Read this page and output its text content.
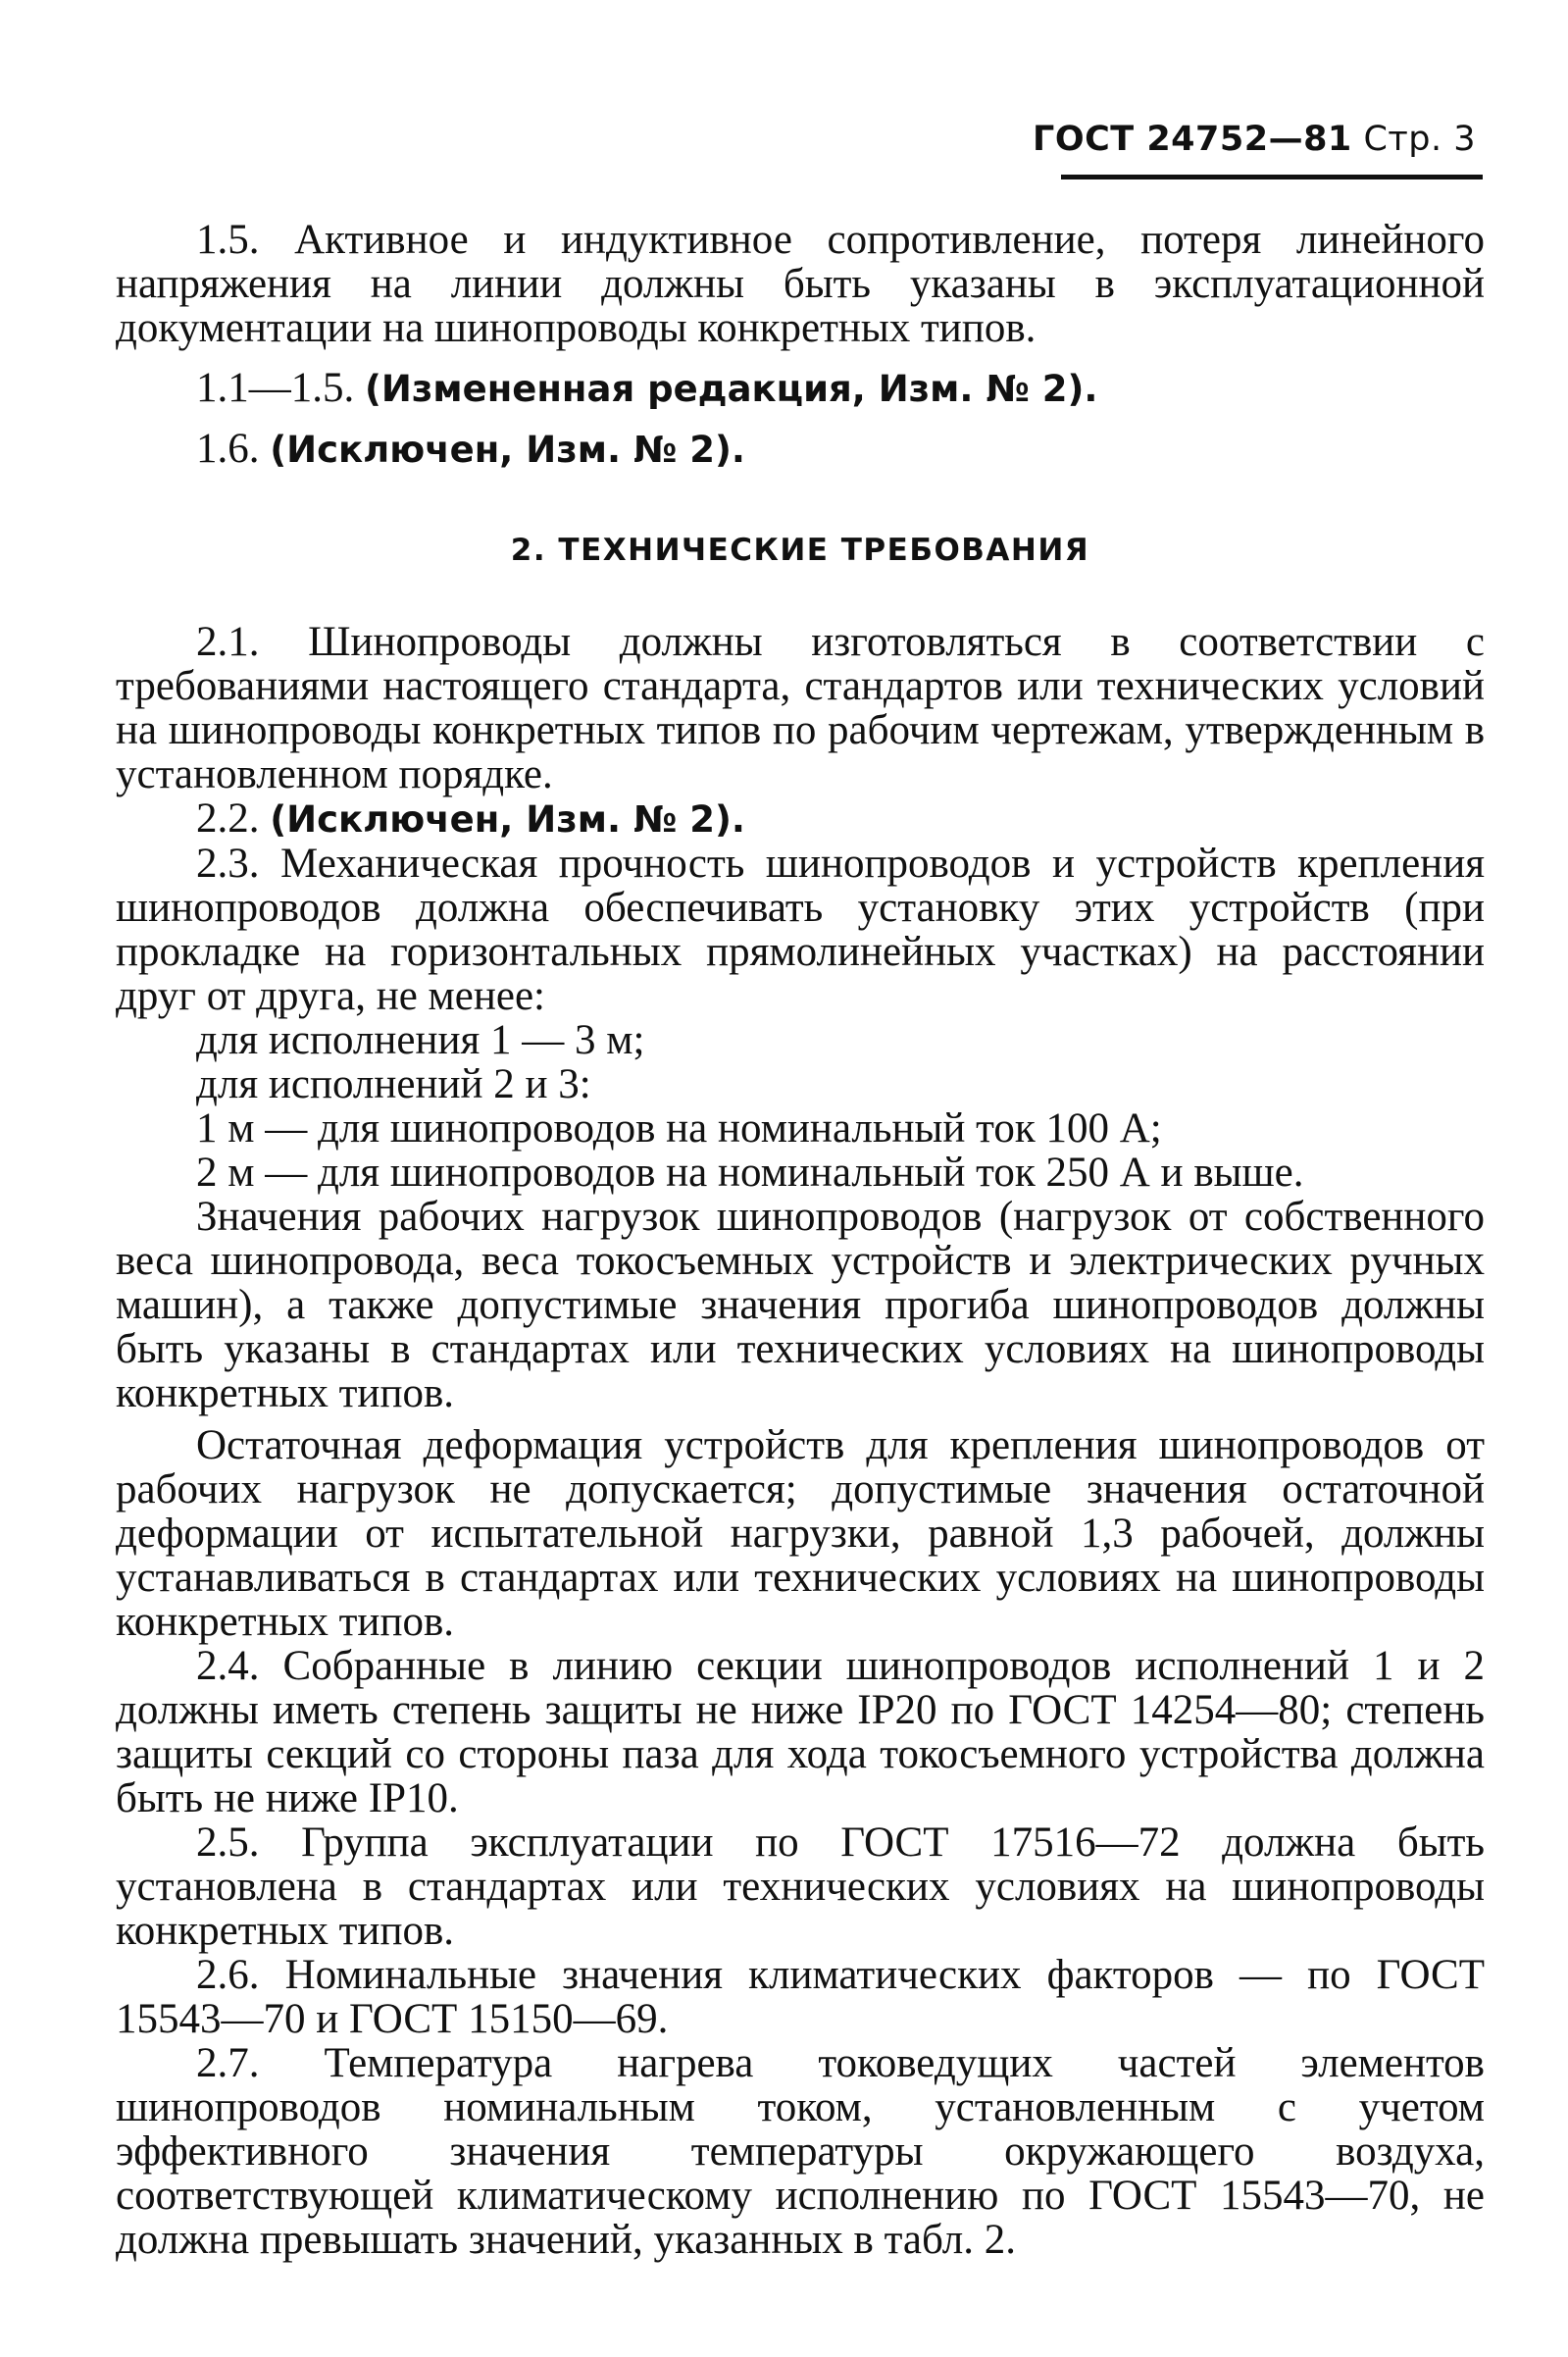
ГОСТ 24752—81 Стр. 3

1.5. Активное и индуктивное сопротивление, потеря линейного напряжения на линии должны быть указаны в эксплуатационной документации на шинопроводы конкретных типов.

1.1—1.5. (Измененная редакция, Изм. № 2).

1.6. (Исключен, Изм. № 2).

2. ТЕХНИЧЕСКИЕ ТРЕБОВАНИЯ

2.1. Шинопроводы должны изготовляться в соответствии с требованиями настоящего стандарта, стандартов или технических условий на шинопроводы конкретных типов по рабочим чертежам, утвержденным в установленном порядке.

2.2. (Исключен, Изм. № 2).

2.3. Механическая прочность шинопроводов и устройств крепления шинопроводов должна обеспечивать установку этих устройств (при прокладке на горизонтальных прямолинейных участках) на расстоянии друг от друга, не менее:

для исполнения 1 — 3 м;

для исполнений 2 и 3:

1 м — для шинопроводов на номинальный ток 100 А;

2 м — для шинопроводов на номинальный ток 250 А и выше.

Значения рабочих нагрузок шинопроводов (нагрузок от собственного веса шинопровода, веса токосъемных устройств и электрических ручных машин), а также допустимые значения прогиба шинопроводов должны быть указаны в стандартах или технических условиях на шинопроводы конкретных типов.

Остаточная деформация устройств для крепления шинопроводов от рабочих нагрузок не допускается; допустимые значения остаточной деформации от испытательной нагрузки, равной 1,3 рабочей, должны устанавливаться в стандартах или технических условиях на шинопроводы конкретных типов.

2.4. Собранные в линию секции шинопроводов исполнений 1 и 2 должны иметь степень защиты не ниже IP20 по ГОСТ 14254—80; степень защиты секций со стороны паза для хода токосъемного устройства должна быть не ниже IP10.

2.5. Группа эксплуатации по ГОСТ 17516—72 должна быть установлена в стандартах или технических условиях на шинопроводы конкретных типов.

2.6. Номинальные значения климатических факторов — по ГОСТ 15543—70 и ГОСТ 15150—69.

2.7. Температура нагрева токоведущих частей элементов шинопроводов номинальным током, установленным с учетом эффективного значения температуры окружающего воздуха, соответствующей климатическому исполнению по ГОСТ 15543—70, не должна превышать значений, указанных в табл. 2.
